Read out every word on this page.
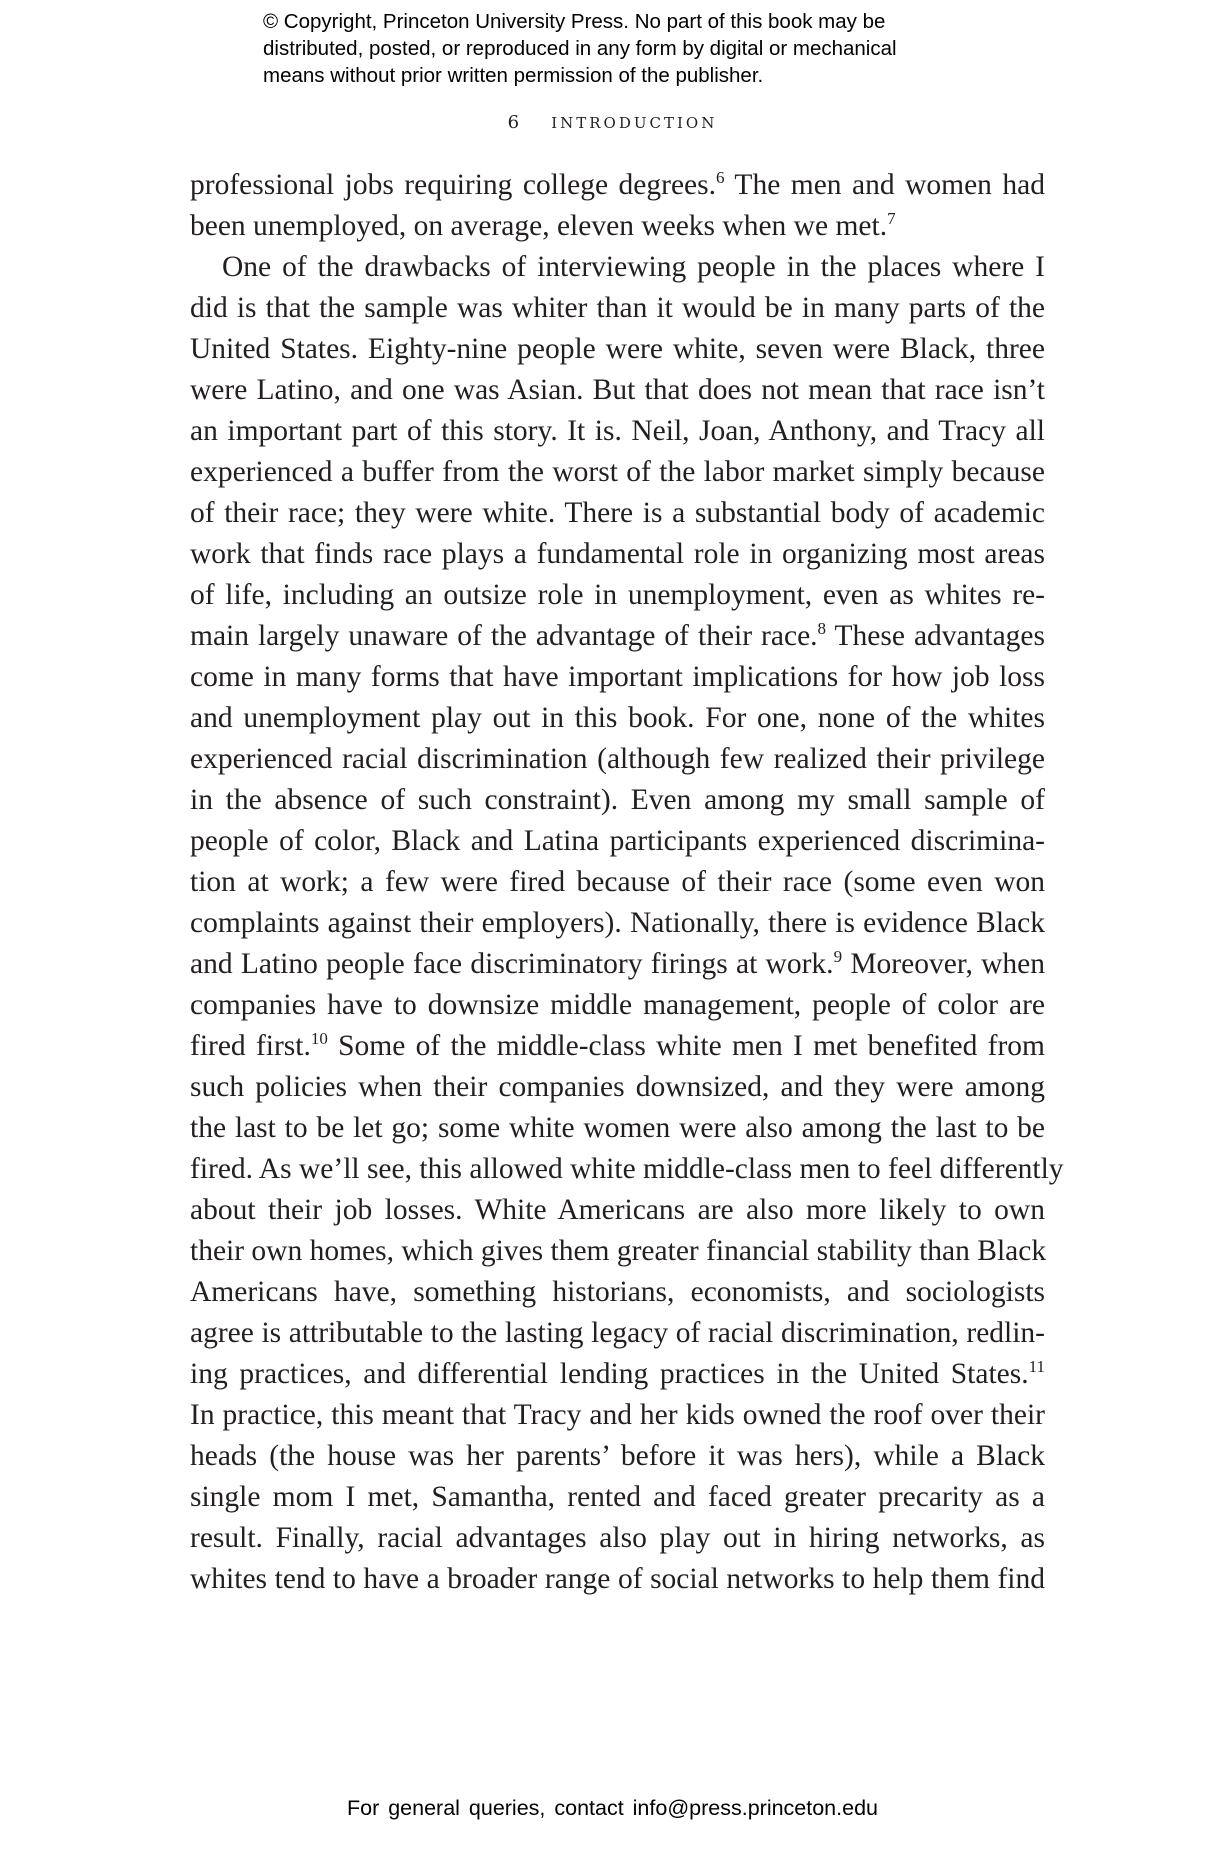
© Copyright, Princeton University Press. No part of this book may be
distributed, posted, or reproduced in any form by digital or mechanical
means without prior written permission of the publisher.
6 INTRODUCTION
professional jobs requiring college degrees.$^6$ The men and women had
been unemployed, on average, eleven weeks when we met.$^7$
One of the drawbacks of interviewing people in the places where I
did is that the sample was whiter than it would be in many parts of the
United States. Eighty-nine people were white, seven were Black, three
were Latino, and one was Asian. But that does not mean that race isn’t
an important part of this story. It is. Neil, Joan, Anthony, and Tracy all
experienced a buffer from the worst of the labor market simply because
of their race; they were white. There is a substantial body of academic
work that finds race plays a fundamental role in organizing most areas
of life, including an outsize role in unemployment, even as whites re-
main largely unaware of the advantage of their race.$^8$ These advantages
come in many forms that have important implications for how job loss
and unemployment play out in this book. For one, none of the whites
experienced racial discrimination (although few realized their privilege
in the absence of such constraint). Even among my small sample of
people of color, Black and Latina participants experienced discrimina-
tion at work; a few were fired because of their race (some even won
complaints against their employers). Nationally, there is evidence Black
and Latino people face discriminatory firings at work.$^9$ Moreover, when
companies have to downsize middle management, people of color are
fired first.$^{10}$ Some of the middle-class white men I met benefited from
such policies when their companies downsized, and they were among
the last to be let go; some white women were also among the last to be
fired. As we’ll see, this allowed white middle-class men to feel differently
about their job losses. White Americans are also more likely to own
their own homes, which gives them greater financial stability than Black
Americans have, something historians, economists, and sociologists
agree is attributable to the lasting legacy of racial discrimination, redlin-
ing practices, and differential lending practices in the United States.$^{11}$
In practice, this meant that Tracy and her kids owned the roof over their
heads (the house was her parents’ before it was hers), while a Black
single mom I met, Samantha, rented and faced greater precarity as a
result. Finally, racial advantages also play out in hiring networks, as
whites tend to have a broader range of social networks to help them find
For general queries, contact info@press.princeton.edu
